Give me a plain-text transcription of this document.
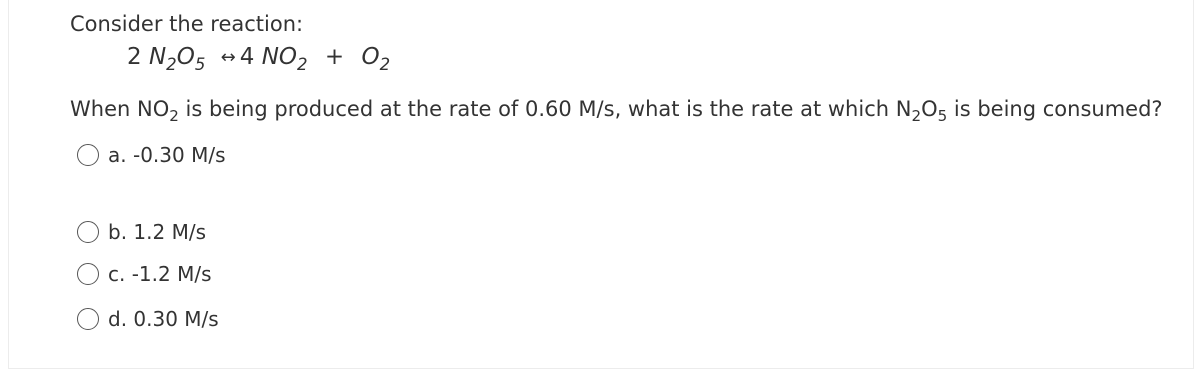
Consider the reaction:
2 $N_2O_5$ ↔ 4 $NO_2 + O_2$
When $NO_2$ is being produced at the rate of 0.60 M/s, what is the rate at which $N_2O_5$ is being consumed?
a. -0.30 M/s
b. 1.2 M/s
c. -1.2 M/s
d. 0.30 M/s
